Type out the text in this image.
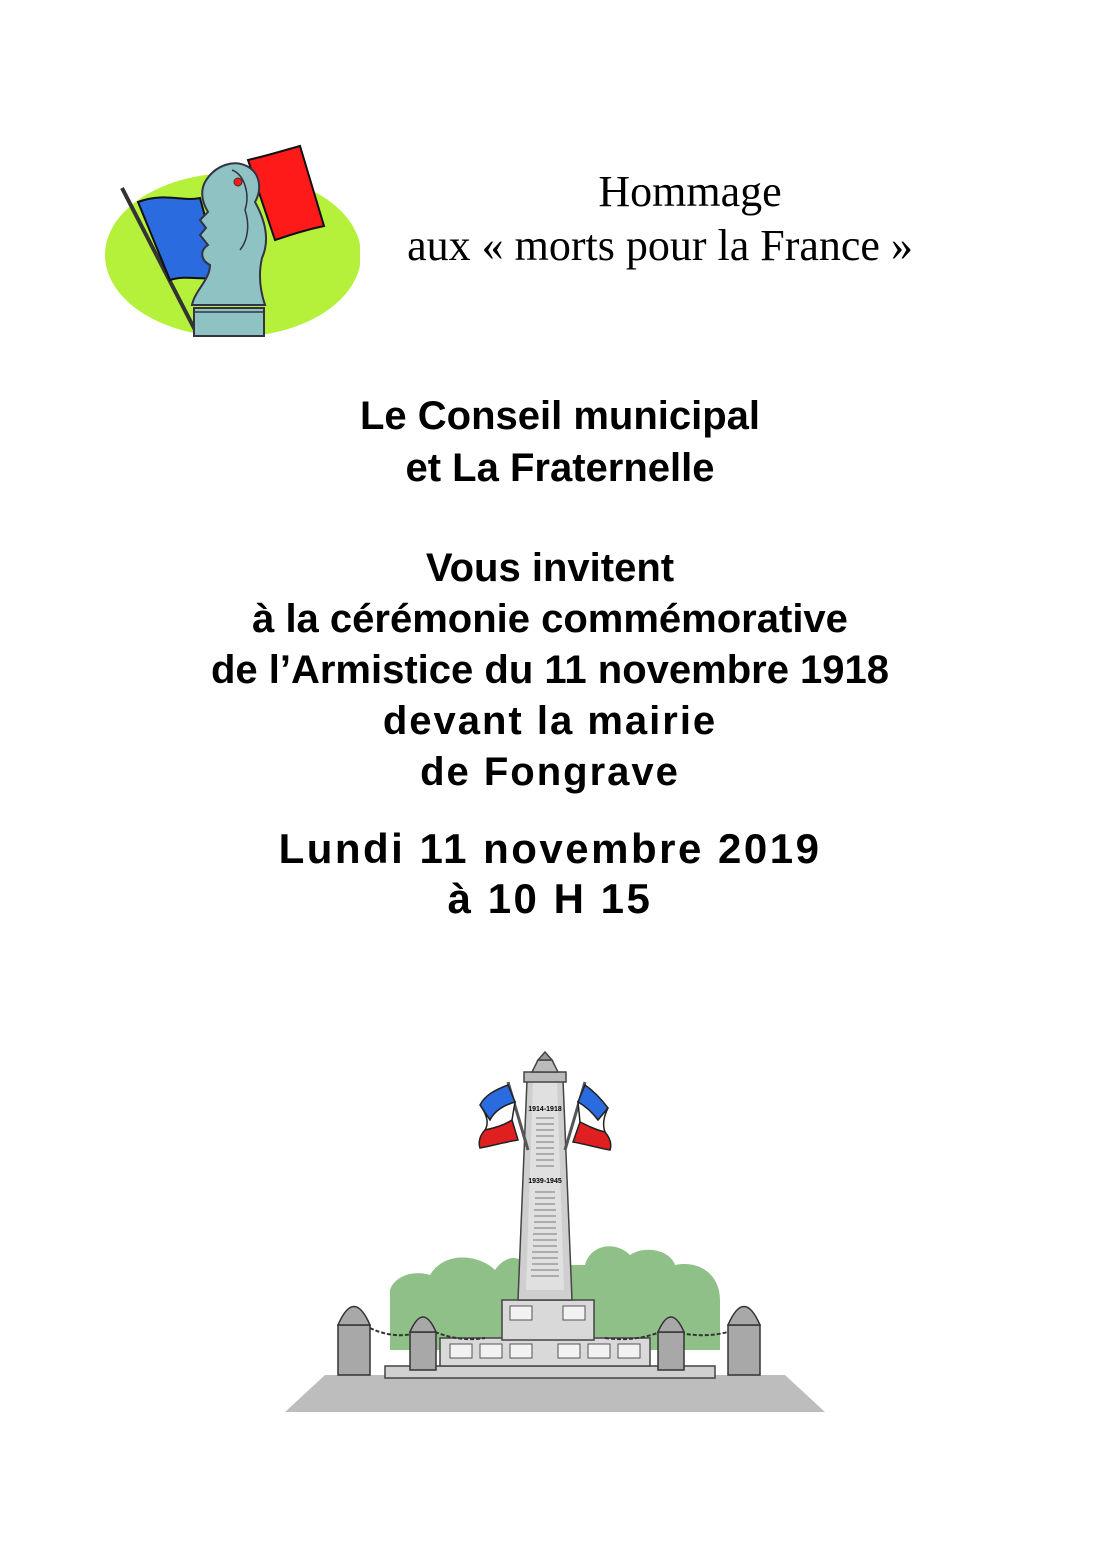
Hommage
aux « morts pour la France »
Le Conseil municipal
et La Fraternelle
Vous invitent
à la cérémonie commémorative
de l’Armistice du 11 novembre 1918
devant la mairie
de Fongrave
Lundi 11 novembre 2019
à 10 H 15
1914-1918
1939-1945
